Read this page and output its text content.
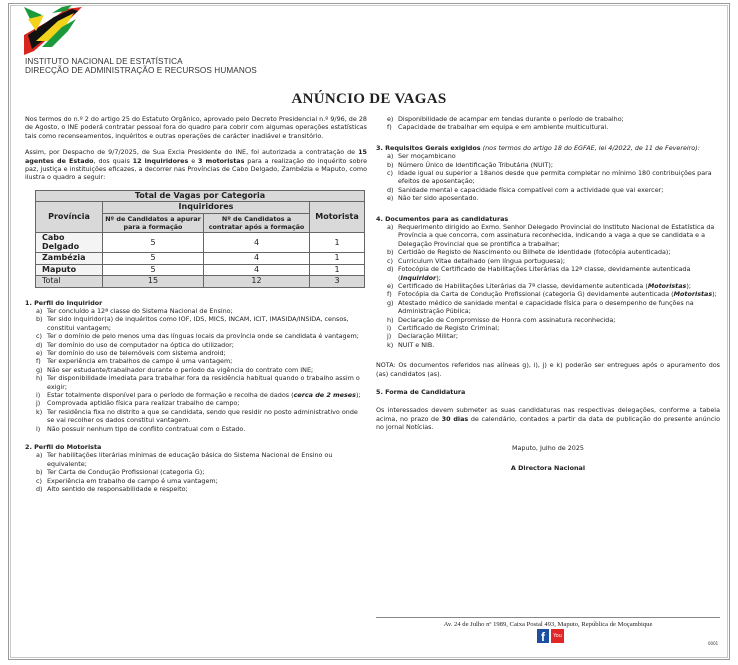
INSTITUTO NACIONAL DE ESTATÍSTICA
DIRECÇÃO DE ADMINISTRAÇÃO E RECURSOS HUMANOS
ANÚNCIO DE VAGAS

Nos termos do n.º 2 do artigo 25 do Estatuto Orgânico, aprovado pelo Decreto Presidencial n.º 9/96, de 28 de Agosto, o INE poderá contratar pessoal fora do quadro para cobrir com algumas operações estatísticas tais como recenseamentos, inquéritos e outras operações de carácter inadiável e transitório.

Assim, por Despacho de 9/7/2025, de Sua Excia Presidente do INE, foi autorizada a contratação de 15 agentes de Estado, dos quais 12 inquiridores e 3 motoristas para a realização do inquérito sobre paz, justiça e instituições eficazes, a decorrer nas Províncias de Cabo Delgado, Zambézia e Maputo, como ilustra o quadro a seguir:

Total de Vagas por Categoria			
Província	Inquiridores		Motorista
	Nº de Candidatos a apurar para a formação	Nº de Candidatos a contratar após a formação	
Cabo Delgado	5	4	1
Zambézia	5	4	1
Maputo	5	4	1
Total	15	12	3

1. Perfil do Inquiridor

a) Ter concluído a 12ª classe do Sistema Nacional de Ensino;
b) Ter sido inquiridor(a) de inquéritos como IOF, IDS, MICS, INCAM, ICIT, IMASIDA/INSIDA, censos, constitui vantagem;
c) Ter o domínio de pelo menos uma das línguas locais da província onde se candidata é vantagem;
d) Ter domínio do uso de computador na óptica do utilizador;
e) Ter domínio do uso de telemóveis com sistema android;
f) Ter experiência em trabalhos de campo é uma vantagem;
g) Não ser estudante/trabalhador durante o período da vigência do contrato com INE;
h) Ter disponibilidade imediata para trabalhar fora da residência habitual quando o trabalho assim o exigir;
i) Estar totalmente disponível para o período de formação e recolha de dados (cerca de 2 meses);
j) Comprovada aptidão física para realizar trabalho de campo;
k) Ter residência fixa no distrito a que se candidata, sendo que residir no posto administrativo onde se vai recolher os dados constitui vantagem.
l) Não possuir nenhum tipo de conflito contratual com o Estado.

2. Perfil do Motorista

a) Ter habilitações literárias mínimas de educação básica do Sistema Nacional de Ensino ou equivalente;
b) Ter Carta de Condução Profissional (categoria G);
c) Experiência em trabalho de campo é uma vantagem;
d) Alto sentido de responsabilidade e respeito;
e) Disponibilidade de acampar em tendas durante o período de trabalho;
f) Capacidade de trabalhar em equipa e em ambiente multicultural.

3. Requisitos Gerais exigidos (nos termos do artigo 18 do EGFAE, lei 4/2022, de 11 de Fevereiro):

a) Ser moçambicano
b) Número Único de Identificação Tributária (NUIT);
c) Idade igual ou superior a 18anos desde que permita completar no mínimo 180 contribuições para efeitos de aposentação;
d) Sanidade mental e capacidade física compatível com a actividade que vai exercer;
e) Não ter sido aposentado.

4. Documentos para as candidaturas

a) Requerimento dirigido ao Exmo. Senhor Delegado Provincial do Instituto Nacional de Estatística da Província a que concorra, com assinatura reconhecida, indicando a vaga a que se candidata e a Delegação Provincial que se prontifica a trabalhar;
b) Certidão de Registo de Nascimento ou Bilhete de Identidade (fotocópia autenticada);
c) Curriculum Vitae detalhado (em língua portuguesa);
d) Fotocópia de Certificado de Habilitações Literárias da 12ª classe, devidamente autenticada (Inquiridor);
e) Certificado de Habilitações Literárias da 7ª classe, devidamente autenticada (Motoristas);
f) Fotocópia da Carta de Condução Profissional (categoria G) devidamente autenticada (Motoristas);
g) Atestado médico de sanidade mental e capacidade física para o desempenho de funções na Administração Pública;
h) Declaração de Compromisso de Honra com assinatura reconhecida;
i) Certificado de Registo Criminal;
j) Declaração Militar;
k) NUIT e NIB.

NOTA: Os documentos referidos nas alíneas g), i), j) e k) poderão ser entregues após o apuramento dos (as) candidatos (as).

5. Forma de Candidatura

Os interessados devem submeter as suas candidaturas nas respectivas delegações, conforme a tabela acima, no prazo de 30 dias de calendário, contados a partir da data de publicação do presente anúncio no jornal Notícias.

Maputo, Julho de 2025

A Directora Nacional

Av. 24 de Julho nº 1989, Caixa Postal 493, Maputo, República de Moçambique
f	You
0001
